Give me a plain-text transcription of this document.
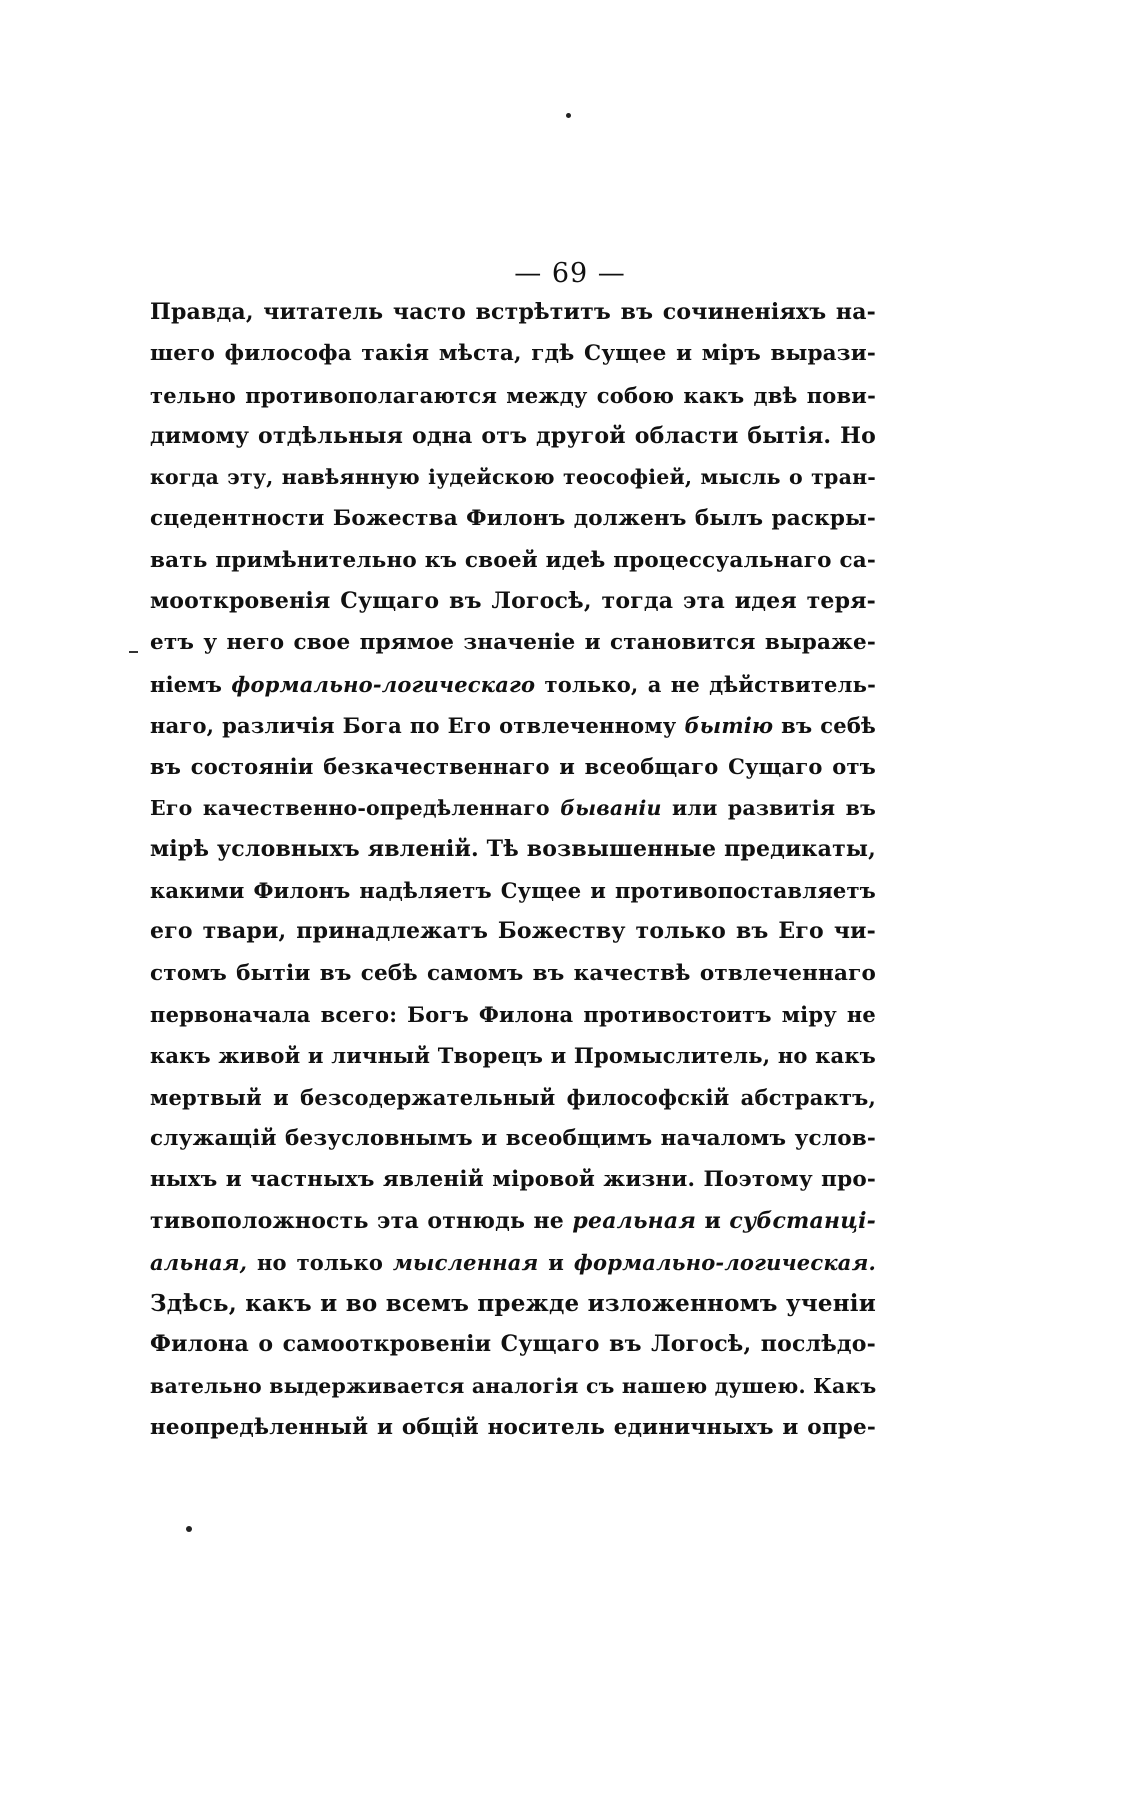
— 69 —
Правда, читатель часто встрѣтитъ въ сочиненіяхъ на-
шего философа такія мѣста, гдѣ Сущее и міръ вырази-
тельно противополагаются между собою какъ двѣ пови-
димому отдѣльныя одна отъ другой области бытія. Но
когда эту, навѣянную іудейскою теософіей, мысль о тран-
сцедентности Божества Филонъ долженъ былъ раскры-
вать примѣнительно къ своей идеѣ процессуальнаго са-
мооткровенія Сущаго въ Логосѣ, тогда эта идея теря-
етъ у него свое прямое значеніе и становится выраже-
ніемъ формально-логическаго только, а не дѣйствитель-
наго, различія Бога по Его отвлеченному бытію въ себѣ
въ состояніи безкачественнаго и всеобщаго Сущаго отъ
Его качественно-опредѣленнаго бываніи или развитія въ
мірѣ условныхъ явленій. Тѣ возвышенные предикаты,
какими Филонъ надѣляетъ Сущее и противопоставляетъ
его твари, принадлежатъ Божеству только въ Его чи-
стомъ бытіи въ себѣ самомъ въ качествѣ отвлеченнаго
первоначала всего: Богъ Филона противостоитъ міру не
какъ живой и личный Творецъ и Промыслитель, но какъ
мертвый и безсодержательный философскій абстрактъ,
служащій безусловнымъ и всеобщимъ началомъ услов-
ныхъ и частныхъ явленій міровой жизни. Поэтому про-
тивоположность эта отнюдь не реальная и субстанці-
альная, но только мысленная и формально-логическая.
Здѣсь, какъ и во всемъ прежде изложенномъ ученіи
Филона о самооткровеніи Сущаго въ Логосѣ, послѣдо-
вательно выдерживается аналогія съ нашею душею. Какъ
неопредѣленный и общій носитель единичныхъ и опре-
